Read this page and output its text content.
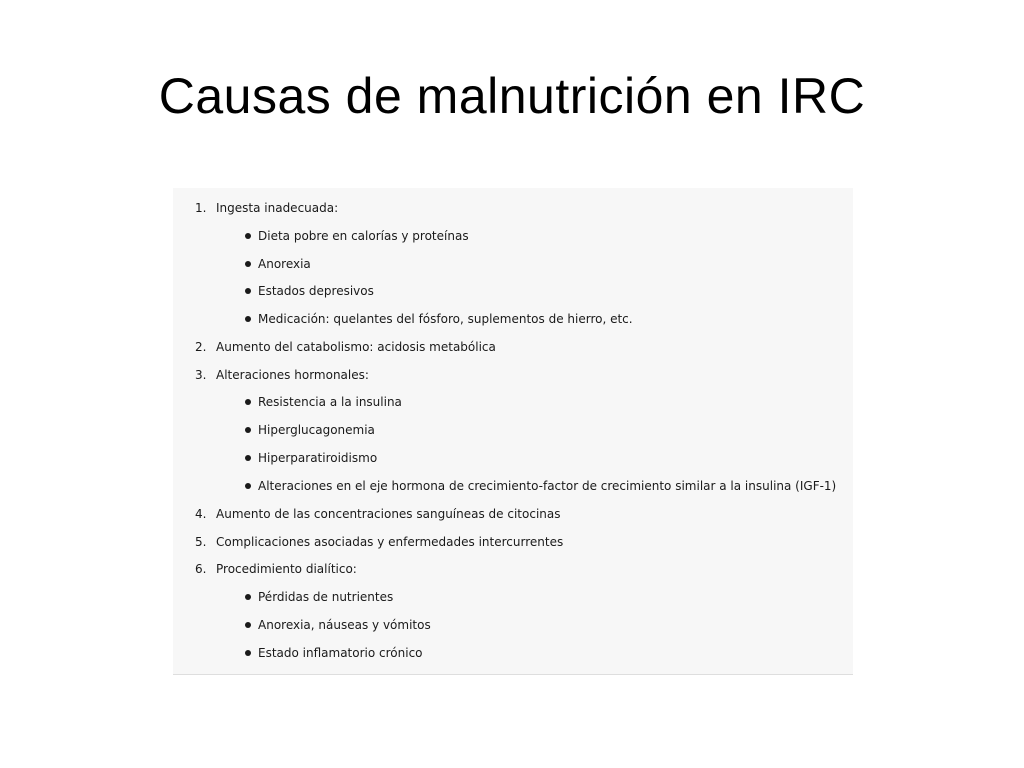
Causas de malnutrición en IRC
1. Ingesta inadecuada:
Dieta pobre en calorías y proteínas
Anorexia
Estados depresivos
Medicación: quelantes del fósforo, suplementos de hierro, etc.
2. Aumento del catabolismo: acidosis metabólica
3. Alteraciones hormonales:
Resistencia a la insulina
Hiperglucagonemia
Hiperparatiroidismo
Alteraciones en el eje hormona de crecimiento-factor de crecimiento similar a la insulina (IGF-1)
4. Aumento de las concentraciones sanguíneas de citocinas
5. Complicaciones asociadas y enfermedades intercurrentes
6. Procedimiento dialítico:
Pérdidas de nutrientes
Anorexia, náuseas y vómitos
Estado inflamatorio crónico
